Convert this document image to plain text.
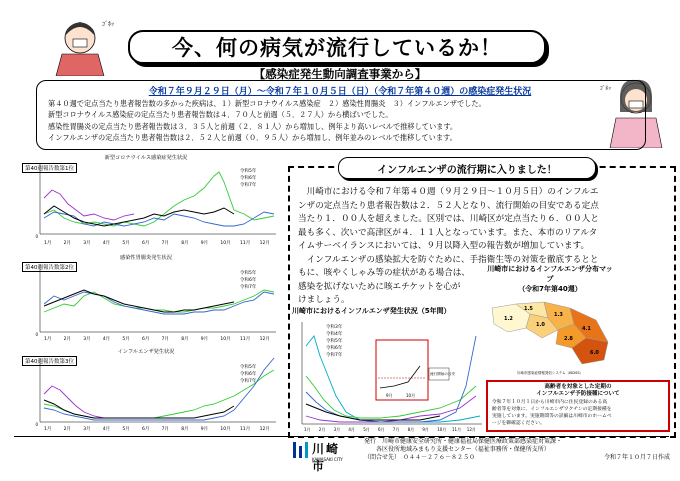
今、何の病気が流行しているか！
ｺﾞﾎｯ
ｺﾞﾎｯ
【感染症発生動向調査事業から】
令和７年９月２９日（月）～令和７年１０月５日（日）（令和７年第４０週）の感染症発生状況
第４０週で定点当たり患者報告数の多かった疾病は、１）新型コロナウイルス感染症　２）感染性胃腸炎　３）インフルエンザでした。
新型コロナウイルス感染症の定点当たり患者報告数は４．７０人と前週（５．２７人）から横ばいでした。
感染性胃腸炎の定点当たり患者報告数は３．３５人と前週（２．８１人）から増加し、例年より高いレベルで推移しています。
インフルエンザの定点当たり患者報告数は２．５２人と前週（０．９５人）から増加し、例年並みのレベルで推移しています。
新型コロナウイルス感染症発生状況
第40週報告数第1位
0
令和5年
令和6年
令和7年
1月	2月	3月	4月	5月	6月	7月	8月	9月	10月 11月 12月
感染性胃腸炎発生状況
第40週報告数第2位
0
令和5年
令和6年
令和7年
1月	2月	3月	4月	5月	6月	7月	8月	9月	10月 11月 12月
インフルエンザ発生状況
第40週報告数第3位
0
令和5年
令和6年
令和7年
1月	2月	3月	4月	5月	6月	7月	8月	9月	10月 11月 12月
インフルエンザの流行期に入りました！
　川崎市における令和７年第４０週（９月２９日～１０月５日）のインフルエ
ンザの定点当たり患者報告数は２．５２人となり、流行開始の目安である定点
当たり１．００人を超えました。区別では、川崎区が定点当たり６．００人と
最も多く、次いで高津区が４．１１人となっています。また、本市のリアルタ
イムサーベイランスにおいては、９月以降入型の報告数が増加しています。
　インフルエンザの感染拡大を防ぐために、手指衛生等の対策を徹底するとと
もに、咳やくしゃみ等の症状がある場合は、
感染を拡げないために咳エチケットを心が
けましょう。
川崎市におけるインフルエンザ発生状況（5年間）
令和3年
令和4年
令和5年
令和6年
令和7年
9月	10月
流行開始の目安
1月 2月 3月 4月 5月 6月 7月 8月 9月 10月 11月 12月
川崎市におけるインフルエンザ分布マップ
（令和7年第40週）
6.0
4.1
2.8
1.3
1.0
1.5
1.2
川崎市感染症情報発信システム（KIDSS）
高齢者を対象とした定期の
インフルエンザ予防接種について
令和７年１０月１日から川崎市内に住民登録のある高
齢者等を対象に、インフルエンザワクチンの定期接種を
実施しています。実施期間等の詳細は川崎市のホームペ
ージを御確認ください。
川崎市
KAWASAKI CITY
発行　 川崎市健康安全研究所・健康福祉局保健医療政策部感染症対策課・
各区役所地域みまもり支援センター（福祉事務所・保健所支所）
（問合せ先）　０４４－２７６－８２５０	令和７年１０月７日作成
